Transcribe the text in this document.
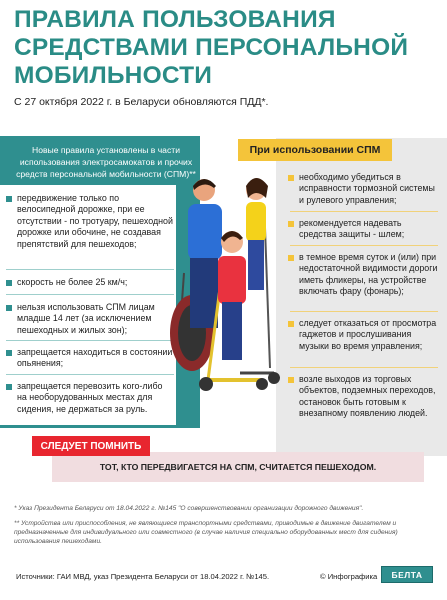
ПРАВИЛА ПОЛЬЗОВАНИЯ
СРЕДСТВАМИ ПЕРСОНАЛЬНОЙ
МОБИЛЬНОСТИ
С 27 октября 2022 г. в Беларуси обновляются ПДД*.
Новые правила установлены в части использования электросамокатов и прочих средств персональной мобильности (СПМ)**
передвижение только по велосипедной дорожке, при ее отсутствии - по тротуару, пешеходной дорожке или обочине, не создавая препятствий для пешеходов;
скорость не более 25 км/ч;
нельзя использовать СПМ лицам младше 14 лет (за исключением пешеходных и жилых зон);
запрещается находиться в состоянии опьянения;
запрещается перевозить кого-либо на необорудованных местах для сидения, не держаться за руль.
При использовании СПМ
необходимо убедиться в исправности тормозной системы и рулевого управления;
рекомендуется надевать средства защиты - шлем;
в темное время суток и (или) при недостаточной видимости дороги иметь фликеры, на устройстве включать фару (фонарь);
следует отказаться от просмотра гаджетов и прослушивания музыки во время управления;
возле выходов из торговых объектов, подземных переходов, остановок быть готовым к внезапному появлению людей.
ТОТ, КТО ПЕРЕДВИГАЕТСЯ НА СПМ, СЧИТАЕТСЯ ПЕШЕХОДОМ.
СЛЕДУЕТ ПОМНИТЬ
* Указ Президента Беларуси от 18.04.2022 г. №145 "О совершенствовании организации дорожного движения".
** Устройства или приспособления, не являющиеся транспортными средствами, приводимые в движение двигателем и предназначенные для индивидуального или совместного (в случае наличия специально оборудованных мест для сидения) использования пешеходами.
Источники: ГАИ МВД, указ Президента Беларуси от 18.04.2022 г. №145.	© Инфографика	БЕЛТА
